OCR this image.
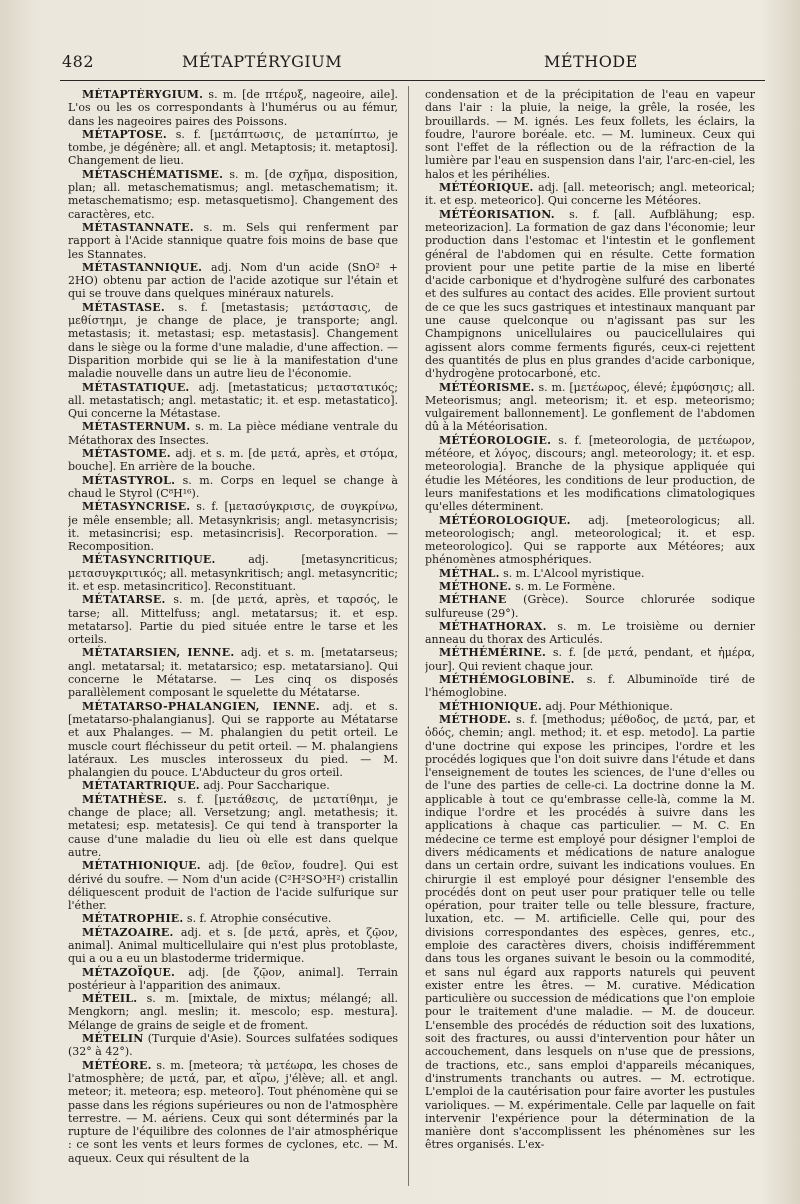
482	MÉTAPTÉRYGIUM	MÉTHODE

MÉTAPTÉRYGIUM. s. m. [de πτέρυξ, nageoire, aile]. L'os ou les os correspondants à l'humérus ou au fémur, dans les nageoires paires des Poissons.

MÉTAPTOSE. s. f. [μετάπτωσις, de μεταπίπτω, je tombe, je dégénère; all. et angl. Metaptosis; it. metaptosi]. Changement de lieu.

MÉTASCHÉMATISME. s. m. [de σχῆμα, disposition, plan; all. metaschematismus; angl. metaschematism; it. metaschematismo; esp. metasquetismo]. Changement des caractères, etc.

MÉTASTANNATE. s. m. Sels qui renferment par rapport à l'Acide stannique quatre fois moins de base que les Stannates.

MÉTASTANNIQUE. adj. Nom d'un acide (SnO² + 2HO) obtenu par action de l'acide azotique sur l'étain et qui se trouve dans quelques minéraux naturels.

MÉTASTASE. s. f. [metastasis; μετάστασις, de μεθίστημι, je change de place, je transporte; angl. metastasis; it. metastasi; esp. metastasis]. Changement dans le siège ou la forme d'une maladie, d'une affection. — Disparition morbide qui se lie à la manifestation d'une maladie nouvelle dans un autre lieu de l'économie.

MÉTASTATIQUE. adj. [metastaticus; μεταστατικός; all. metastatisch; angl. metastatic; it. et esp. metastatico]. Qui concerne la Métastase.

MÉTASTERNUM. s. m. La pièce médiane ventrale du Métathorax des Insectes.

MÉTASTOME. adj. et s. m. [de μετά, après, et στόμα, bouche]. En arrière de la bouche.

MÉTASTYROL. s. m. Corps en lequel se change à chaud le Styrol (C⁸H¹⁶).

MÉTASYNCRISE. s. f. [μετασύγκρισις, de συγκρίνω, je mêle ensemble; all. Metasynkrisis; angl. metasyncrisis; it. metasincrisi; esp. metasincrisis]. Recorporation. — Recomposition.

MÉTASYNCRITIQUE.	adj. [metasyncriticus; μετασυγκριτικός; all. metasynkritisch; angl. metasyncritic; it. et esp. metasincritico]. Reconstituant.

MÉTATARSE. s. m. [de μετά, après, et ταρσός, le tarse; all. Mittelfuss; angl. metatarsus; it. et esp. metatarso]. Partie du pied située entre le tarse et les orteils.

MÉTATARSIEN, IENNE. adj. et s. m. [metatarseus; angl. metatarsal; it. metatarsico; esp. metatarsiano]. Qui concerne le Métatarse. — Les cinq os disposés parallèlement composant le squelette du Métatarse.

MÉTATARSO-PHALANGIEN, IENNE. adj. et s. [metatarso-phalangianus]. Qui se rapporte au Métatarse et aux Phalanges. — M. phalangien du petit orteil. Le muscle court fléchisseur du petit orteil. — M. phalangiens latéraux. Les muscles interosseux du pied. — M. phalangien du pouce. L'Abducteur du gros orteil.

MÉTATARTRIQUE. adj. Pour Saccharique.

MÉTATHÈSE. s. f. [μετάθεσις, de μετατίθημι, je change de place; all. Versetzung; angl. metathesis; it. metatesi; esp. metatesis]. Ce qui tend à transporter la cause d'une maladie du lieu où elle est dans quelque autre.

MÉTATHIONIQUE. adj. [de θεῖον, foudre]. Qui est dérivé du soufre. — Nom d'un acide (C²H²SO³H²) cristallin déliquescent produit de l'action de l'acide sulfurique sur l'éther.

MÉTATROPHIE. s. f. Atrophie consécutive.

MÉTAZOAIRE. adj. et s. [de μετά, après, et ζῷον, animal]. Animal multicellulaire qui n'est plus protoblaste, qui a ou a eu un blastoderme tridermique.

MÉTAZOÏQUE. adj. [de ζῷον, animal]. Terrain postérieur à l'apparition des animaux.

MÉTEIL. s. m. [mixtale, de mixtus; mélangé; all. Mengkorn; angl. meslin; it. mescolo; esp. mestura]. Mélange de grains de seigle et de froment.

MÉTELIN (Turquie d'Asie). Sources sulfatées sodiques (32° à 42°).

MÉTÉORE. s. m. [meteora; τὰ μετέωρα, les choses de l'atmosphère; de μετά, par, et αἴρω, j'élève; all. et angl. meteor; it. meteora; esp. meteoro]. Tout phénomène qui se passe dans les régions supérieures ou non de l'atmosphère terrestre. — M. aériens. Ceux qui sont déterminés par la rupture de l'équilibre des colonnes de l'air atmosphérique : ce sont les vents et leurs formes de cyclones, etc. — M. aqueux. Ceux qui résultent de la

condensation et de la précipitation de l'eau en vapeur dans l'air : la pluie, la neige, la grêle, la rosée, les brouillards. — M. ignés. Les feux follets, les éclairs, la foudre, l'aurore boréale. etc. — M. lumineux. Ceux qui sont l'effet de la réflection ou de la réfraction de la lumière par l'eau en suspension dans l'air, l'arc-en-ciel, les halos et les périhélies.

MÉTÉORIQUE. adj. [all. meteorisch; angl. meteorical; it. et esp. meteorico]. Qui concerne les Météores.

MÉTÉORISATION. s. f. [all. Aufblähung; esp. meteorizacion]. La formation de gaz dans l'économie; leur production dans l'estomac et l'intestin et le gonflement général de l'abdomen qui en résulte. Cette formation provient pour une petite partie de la mise en liberté d'acide carbonique et d'hydrogène sulfuré des carbonates et des sulfures au contact des acides. Elle provient surtout de ce que les sucs gastriques et intestinaux manquant par une cause quelconque ou n'agissant pas sur les Champignons unicellulaires ou paucicellulaires qui agissent alors comme ferments figurés, ceux-ci rejettent des quantités de plus en plus grandes d'acide carbonique, d'hydrogène protocarboné, etc.

MÉTÉORISME. s. m. [μετέωρος, élevé; ἐμφύσησις; all. Meteorismus; angl. meteorism; it. et esp. meteorismo; vulgairement ballonnement]. Le gonflement de l'abdomen dû à la Météorisation.

MÉTÉOROLOGIE. s. f. [meteorologia, de μετέωρον, météore, et λόγος, discours; angl. meteorology; it. et esp. meteorologia]. Branche de la physique appliquée qui étudie les Météores, les conditions de leur production, de leurs manifestations et les modifications climatologiques qu'elles déterminent.

MÉTÉOROLOGIQUE. adj. [meteorologicus; all. meteorologisch; angl. meteorological; it. et esp. meteorologico]. Qui se rapporte aux Météores; aux phénomènes atmosphériques.

MÉTHAL. s. m. L'Alcool myristique.

MÉTHONE. s. m. Le Formène.

MÉTHANE (Grèce). Source chlorurée sodique sulfureuse (29°).

MÉTHATHORAX. s. m. Le troisième ou dernier anneau du thorax des Articulés.

MÉTHÉMÉRINE. s. f. [de μετά, pendant, et ἡμέρα, jour]. Qui revient chaque jour.

MÉTHÉMOGLOBINE. s. f. Albuminoïde tiré de l'hémoglobine.

MÉTHIONIQUE. adj. Pour Méthionique.

MÉTHODE. s. f. [methodus; μέθοδος, de μετά, par, et ὁδός, chemin; angl. method; it. et esp. metodo]. La partie d'une doctrine qui expose les principes, l'ordre et les procédés logiques que l'on doit suivre dans l'étude et dans l'enseignement de toutes les sciences, de l'une d'elles ou de l'une des parties de celle-ci. La doctrine donne la M. applicable à tout ce qu'embrasse celle-là, comme la M. indique l'ordre et les procédés à suivre dans les applications à chaque cas particulier. — M. C. En médecine ce terme est employé pour désigner l'emploi de divers médicaments et médications de nature analogue dans un certain ordre, suivant les indications voulues. En chirurgie il est employé pour désigner l'ensemble des procédés dont on peut user pour pratiquer telle ou telle opération, pour traiter telle ou telle blessure, fracture, luxation, etc. — M. artificielle. Celle qui, pour des divisions correspondantes des espèces, genres, etc., emploie des caractères divers, choisis indifféremment dans tous les organes suivant le besoin ou la commodité, et sans nul égard aux rapports naturels qui peuvent exister entre les êtres. — M. curative. Médication particulière ou succession de médications que l'on emploie pour le traitement d'une maladie. — M. de douceur. L'ensemble des procédés de réduction soit des luxations, soit des fractures, ou aussi d'intervention pour hâter un accouchement, dans lesquels on n'use que de pressions, de tractions, etc., sans emploi d'appareils mécaniques, d'instruments tranchants ou autres. — M. ectrotique. L'emploi de la cautérisation pour faire avorter les pustules varioliques. — M. expérimentale. Celle par laquelle on fait intervenir l'expérience pour la détermination de la manière dont s'accomplissent les phénomènes sur les êtres organisés. L'ex-
